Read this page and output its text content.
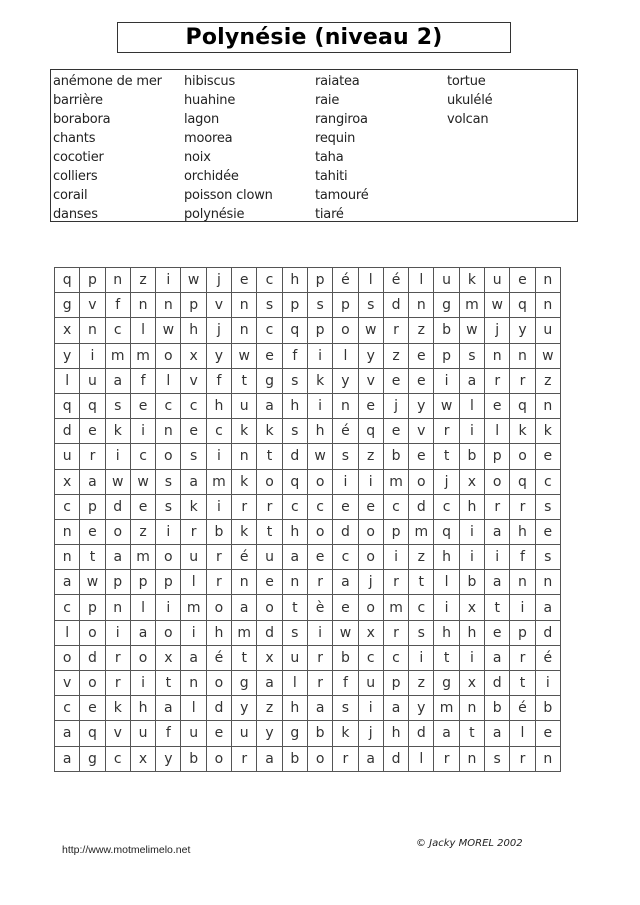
Polynésie (niveau 2)
anémone de mer
barrière
borabora
chants
cocotier
colliers
corail
danses
hibiscus
huahine
lagon
moorea
noix
orchidée
poisson clown
polynésie
raiatea
raie
rangiroa
requin
taha
tahiti
tamouré
tiaré
tortue
ukulélé
volcan
q	p	n	z	i	w	j	e	c	h	p	é	l	é	l	u	k	u	e	n
g	v	f	n	n	p	v	n	s	p	s	p	s	d	n	g	m	w	q	n
x	n	c	l	w	h	j	n	c	q	p	o	w	r	z	b	w	j	y	u
y	i	m	m	o	x	y	w	e	f	i	l	y	z	e	p	s	n	n	w
l	u	a	f	l	v	f	t	g	s	k	y	v	e	e	i	a	r	r	z
q	q	s	e	c	c	h	u	a	h	i	n	e	j	y	w	l	e	q	n
d	e	k	i	n	e	c	k	k	s	h	é	q	e	v	r	i	l	k	k
u	r	i	c	o	s	i	n	t	d	w	s	z	b	e	t	b	p	o	e
x	a	w	w	s	a	m	k	o	q	o	i	i	m	o	j	x	o	q	c
c	p	d	e	s	k	i	r	r	c	c	e	e	c	d	c	h	r	r	s
n	e	o	z	i	r	b	k	t	h	o	d	o	p	m	q	i	a	h	e
n	t	a	m	o	u	r	é	u	a	e	c	o	i	z	h	i	i	f	s
a	w	p	p	p	l	r	n	e	n	r	a	j	r	t	l	b	a	n	n
c	p	n	l	i	m	o	a	o	t	è	e	o	m	c	i	x	t	i	a
l	o	i	a	o	i	h	m	d	s	i	w	x	r	s	h	h	e	p	d
o	d	r	o	x	a	é	t	x	u	r	b	c	c	i	t	i	a	r	é
v	o	r	i	t	n	o	g	a	l	r	f	u	p	z	g	x	d	t	i
c	e	k	h	a	l	d	y	z	h	a	s	i	a	y	m	n	b	é	b
a	q	v	u	f	u	e	u	y	g	b	k	j	h	d	a	t	a	l	e
a	g	c	x	y	b	o	r	a	b	o	r	a	d	l	r	n	s	r	n
http://www.motmelimelo.net
© Jacky MOREL 2002
